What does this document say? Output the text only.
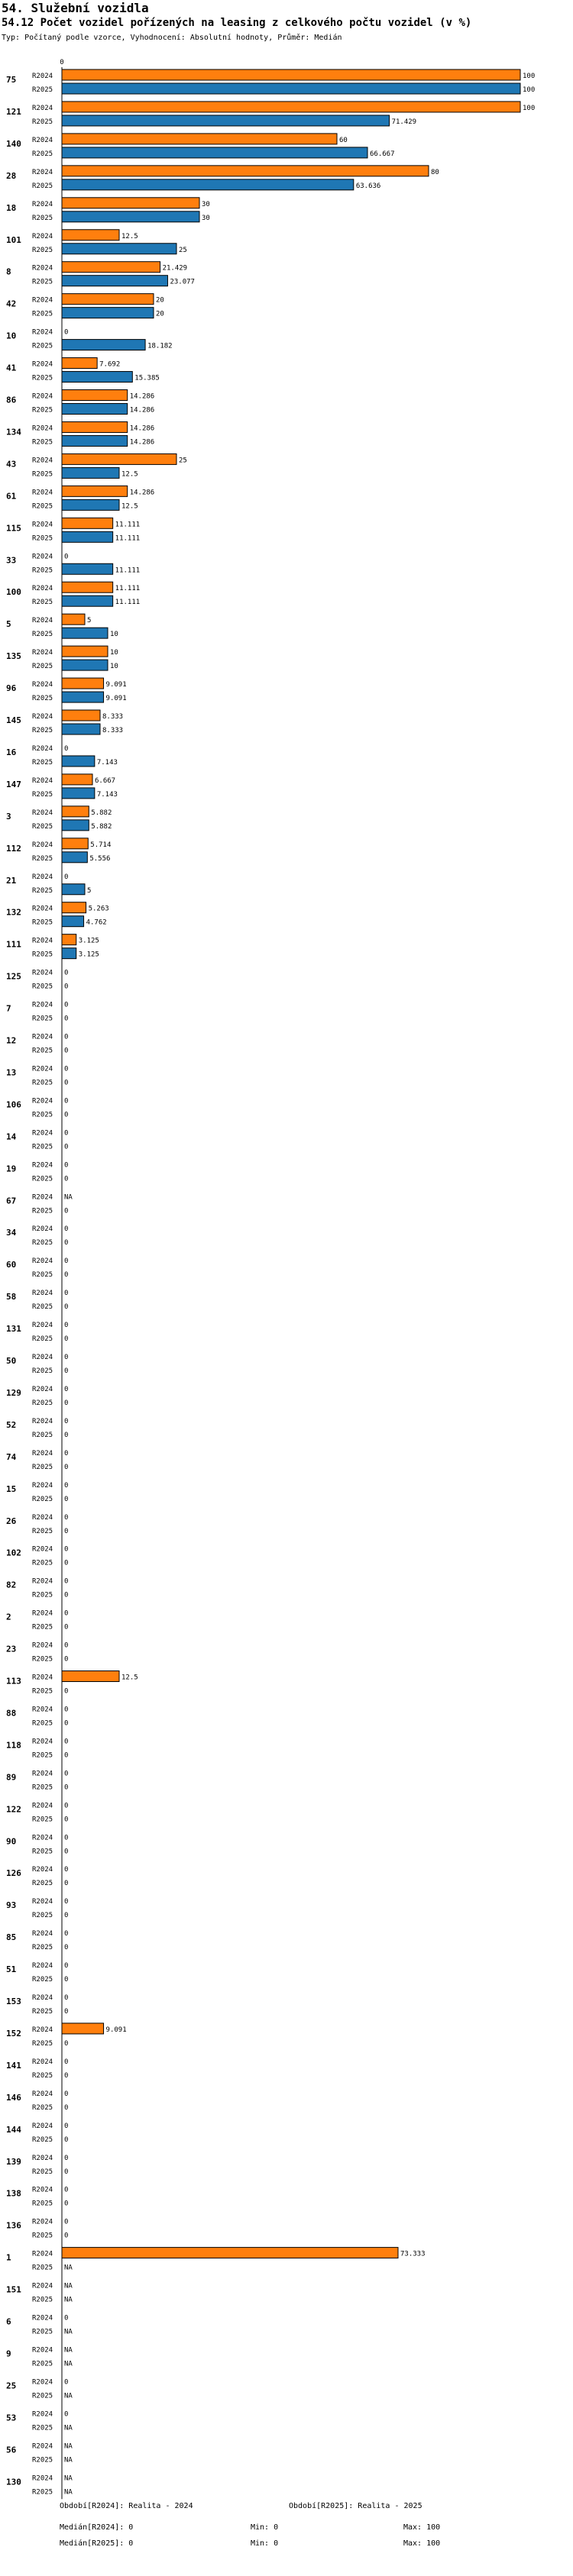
54. Služební vozidla
54.12 Počet vozidel pořízených na leasing z celkového počtu vozidel (v %)
Typ: Počítaný podle vzorce, Vyhodnocení: Absolutní hodnoty, Průměr: Medián
0
75 R2024	100
R2025	100
121 R2024	100
R2025	71.429
140 R2024	60
R2025	66.667
28 R2024	80
R2025	63.636
18 R2024	30
R2025	30
101 R2024	12.5
R2025	25
8	R2024	21.429
R2025	23.077
42 R2024	20
R2025	20
10 R2024 0
R2025	18.182
41 R2024	7.692
R2025	15.385
86 R2024	14.286
R2025	14.286
134 R2024	14.286
R2025	14.286
43 R2024	25
R2025	12.5
61 R2024	14.286
R2025	12.5
115 R2024	11.111
R2025	11.111
33 R2024 0
R2025	11.111
100 R2024	11.111
R2025	11.111
5	R2024	5
R2025	10
135 R2024	10
R2025	10
96 R2024	9.091
R2025	9.091
145 R2024	8.333
R2025	8.333
16 R2024 0
R2025	7.143
147 R2024	6.667
R2025	7.143
3	R2024	5.882
R2025	5.882
112 R2024	5.714
R2025	5.556
21 R2024 0
R2025	5
132 R2024	5.263
R2025	4.762
111 R2024	3.125
R2025	3.125
125 R2024 0
R2025 0
7	R2024 0
R2025 0
12 R2024 0
R2025 0
13 R2024 0
R2025 0
106 R2024 0
R2025 0
14 R2024 0
R2025 0
19 R2024 0
R2025 0
67 R2024 NA
R2025 0
34 R2024 0
R2025 0
60 R2024 0
R2025 0
58 R2024 0
R2025 0
131 R2024 0
R2025 0
50 R2024 0
R2025 0
129 R2024 0
R2025 0
52 R2024 0
R2025 0
74 R2024 0
R2025 0
15 R2024 0
R2025 0
26 R2024 0
R2025 0
102 R2024 0
R2025 0
82 R2024 0
R2025 0
2	R2024 0
R2025 0
23 R2024 0
R2025 0
113 R2024	12.5
R2025 0
88 R2024 0
R2025 0
118 R2024 0
R2025 0
89 R2024 0
R2025 0
122 R2024 0
R2025 0
90 R2024 0
R2025 0
126 R2024 0
R2025 0
93 R2024 0
R2025 0
85 R2024 0
R2025 0
51 R2024 0
R2025 0
153 R2024 0
R2025 0
152 R2024	9.091
R2025 0
141 R2024 0
R2025 0
146 R2024 0
R2025 0
144 R2024 0
R2025 0
139 R2024 0
R2025 0
138 R2024 0
R2025 0
136 R2024 0
R2025 0
1	R2024	73.333
R2025 NA
151 R2024 NA
R2025 NA
6	R2024 0
R2025 NA
9	R2024 NA
R2025 NA
25 R2024 0
R2025 NA
53 R2024 0
R2025 NA
56 R2024 NA
R2025 NA
130 R2024 NA
R2025 NA
Období[R2024]: Realita - 2024	Období[R2025]: Realita - 2025
Medián[R2024]: 0	Min: 0	Max: 100
Medián[R2025]: 0	Min: 0	Max: 100
